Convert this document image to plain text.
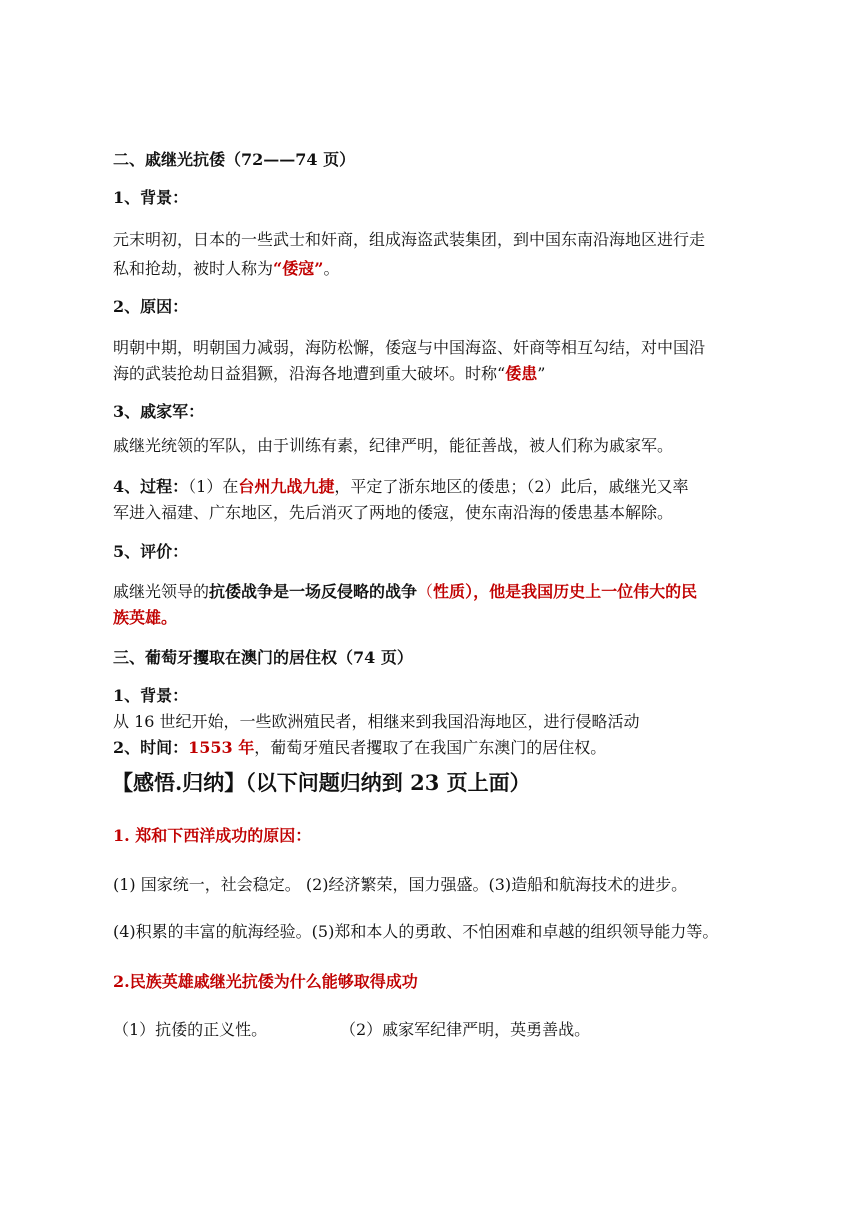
二、戚继光抗倭（72——74 页）
1、背景：
元末明初，日本的一些武士和奸商，组成海盗武装集团，到中国东南沿海地区进行走
私和抢劫，被时人称为“倭寇”。
2、原因：
明朝中期，明朝国力减弱，海防松懈，倭寇与中国海盗、奸商等相互勾结，对中国沿
海的武装抢劫日益猖獗，沿海各地遭到重大破坏。时称“倭患”
3、戚家军：
戚继光统领的军队，由于训练有素，纪律严明，能征善战，被人们称为戚家军。
4、过程：（1）在台州九战九捷，平定了浙东地区的倭患；（2）此后，戚继光又率
军进入福建、广东地区，先后消灭了两地的倭寇，使东南沿海的倭患基本解除。
5、评价：
戚继光领导的抗倭战争是一场反侵略的战争（性质），他是我国历史上一位伟大的民
族英雄。
三、葡萄牙攫取在澳门的居住权（74 页）
1、背景：
从 16 世纪开始，一些欧洲殖民者，相继来到我国沿海地区，进行侵略活动
2、时间：1553 年，葡萄牙殖民者攫取了在我国广东澳门的居住权。
【感悟.归纳】（以下问题归纳到 23 页上面）
1. 郑和下西洋成功的原因：
(1) 国家统一，社会稳定。 (2)经济繁荣，国力强盛。(3)造船和航海技术的进步。
(4)积累的丰富的航海经验。(5)郑和本人的勇敢、不怕困难和卓越的组织领导能力等。
2.民族英雄戚继光抗倭为什么能够取得成功
（1）抗倭的正义性。	（2）戚家军纪律严明，英勇善战。
